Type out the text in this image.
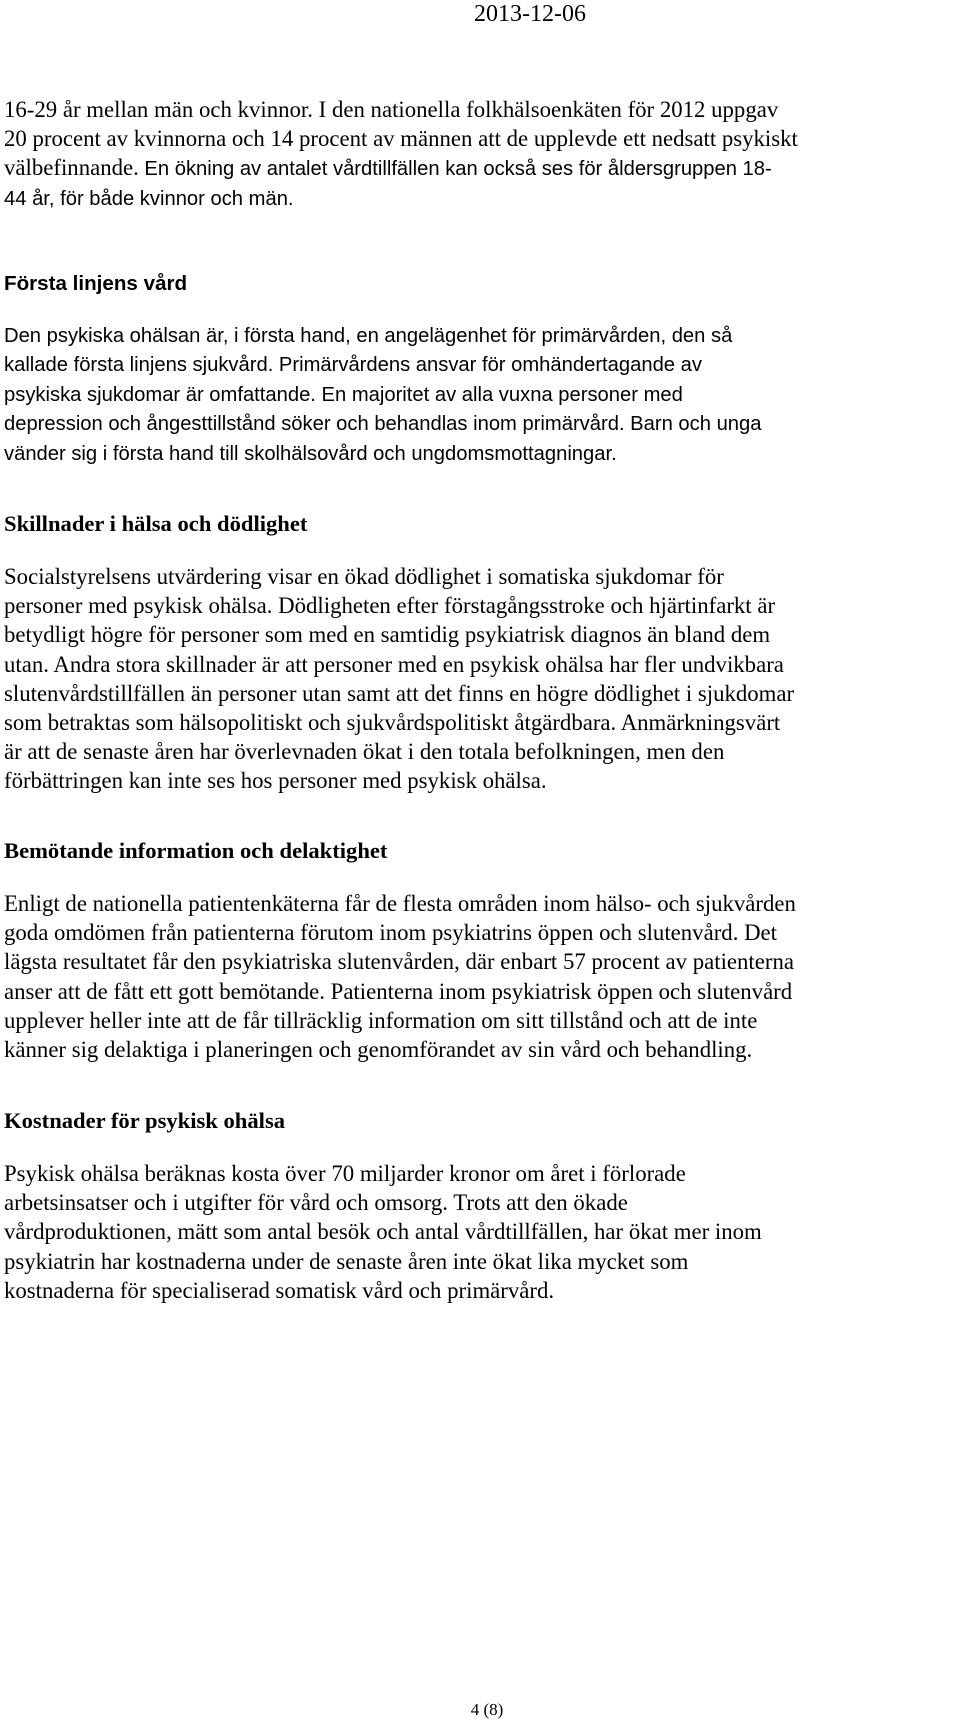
2013-12-06
16-29 år mellan män och kvinnor. I den nationella folkhälsoenkäten för 2012 uppgav
20 procent av kvinnorna och 14 procent av männen att de upplevde ett nedsatt psykiskt
välbefinnande. En ökning av antalet vårdtillfällen kan också ses för åldersgruppen 18-
44 år, för både kvinnor och män.
Första linjens vård
Den psykiska ohälsan är, i första hand, en angelägenhet för primärvården, den så
kallade första linjens sjukvård. Primärvårdens ansvar för omhändertagande av
psykiska sjukdomar är omfattande. En majoritet av alla vuxna personer med
depression och ångesttillstånd söker och behandlas inom primärvård. Barn och unga
vänder sig i första hand till skolhälsovård och ungdomsmottagningar.
Skillnader i hälsa och dödlighet
Socialstyrelsens utvärdering visar en ökad dödlighet i somatiska sjukdomar för
personer med psykisk ohälsa. Dödligheten efter förstagångsstroke och hjärtinfarkt är
betydligt högre för personer som med en samtidig psykiatrisk diagnos än bland dem
utan. Andra stora skillnader är att personer med en psykisk ohälsa har fler undvikbara
slutenvårdstillfällen än personer utan samt att det finns en högre dödlighet i sjukdomar
som betraktas som hälsopolitiskt och sjukvårdspolitiskt åtgärdbara. Anmärkningsvärt
är att de senaste åren har överlevnaden ökat i den totala befolkningen, men den
förbättringen kan inte ses hos personer med psykisk ohälsa.
Bemötande information och delaktighet
Enligt de nationella patientenkäterna får de flesta områden inom hälso- och sjukvården
goda omdömen från patienterna förutom inom psykiatrins öppen och slutenvård. Det
lägsta resultatet får den psykiatriska slutenvården, där enbart 57 procent av patienterna
anser att de fått ett gott bemötande. Patienterna inom psykiatrisk öppen och slutenvård
upplever heller inte att de får tillräcklig information om sitt tillstånd och att de inte
känner sig delaktiga i planeringen och genomförandet av sin vård och behandling.
Kostnader för psykisk ohälsa
Psykisk ohälsa beräknas kosta över 70 miljarder kronor om året i förlorade
arbetsinsatser och i utgifter för vård och omsorg. Trots att den ökade
vårdproduktionen, mätt som antal besök och antal vårdtillfällen, har ökat mer inom
psykiatrin har kostnaderna under de senaste åren inte ökat lika mycket som
kostnaderna för specialiserad somatisk vård och primärvård.
4 (8)
